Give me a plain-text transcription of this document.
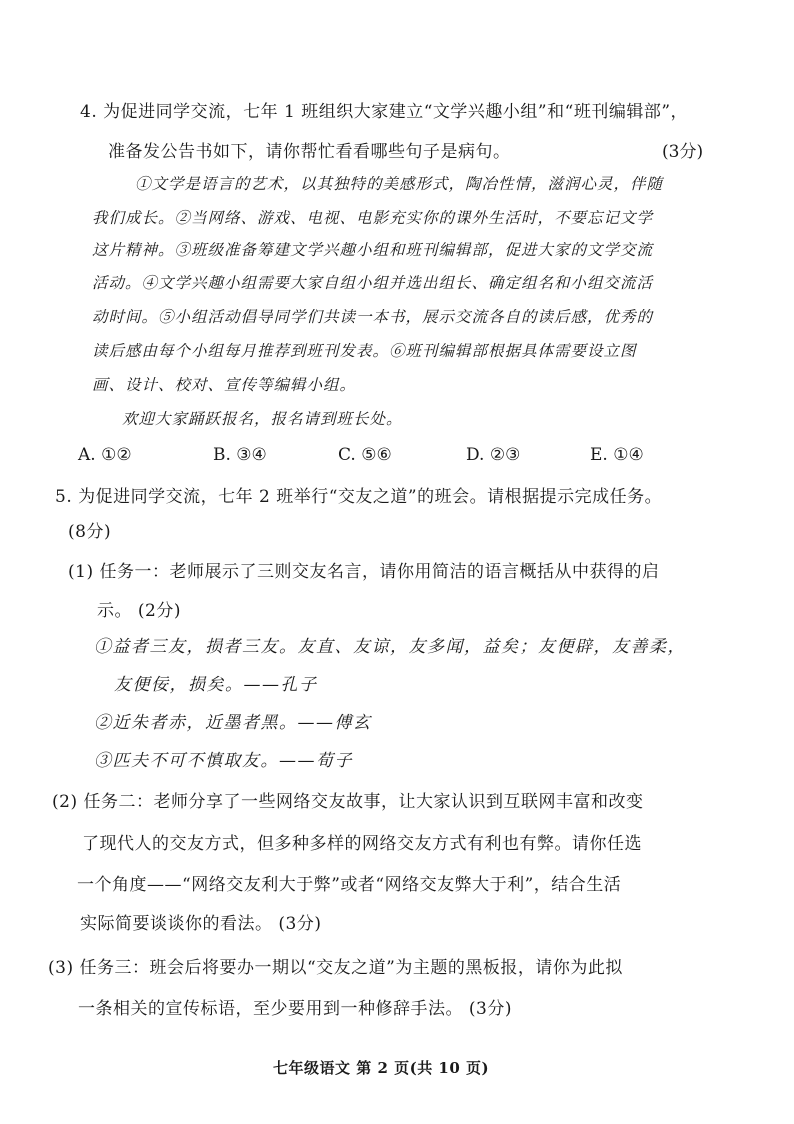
4. 为促进同学交流，七年 1 班组织大家建立“文学兴趣小组”和“班刊编辑部”，
准备发公告书如下，请你帮忙看看哪些句子是病句。	(3分)
①文学是语言的艺术，以其独特的美感形式，陶冶性情，滋润心灵，伴随
我们成长。②当网络、游戏、电视、电影充实你的课外生活时，不要忘记文学
这片精神。③班级准备筹建文学兴趣小组和班刊编辑部，促进大家的文学交流
活动。④文学兴趣小组需要大家自组小组并选出组长、确定组名和小组交流活
动时间。⑤小组活动倡导同学们共读一本书，展示交流各自的读后感，优秀的
读后感由每个小组每月推荐到班刊发表。⑥班刊编辑部根据具体需要设立图
画、设计、校对、宣传等编辑小组。
欢迎大家踊跃报名，报名请到班长处。
A. ①②	B. ③④	C. ⑤⑥	D. ②③	E. ①④
5. 为促进同学交流，七年 2 班举行“交友之道”的班会。请根据提示完成任务。
(8分)
(1) 任务一：老师展示了三则交友名言，请你用简洁的语言概括从中获得的启
示。 (2分)
①益者三友，损者三友。友直、友谅，友多闻，益矣；友便辟，友善柔，
友便佞，损矣。——孔子
②近朱者赤，近墨者黑。——傅玄
③匹夫不可不慎取友。——荀子
(2) 任务二：老师分享了一些网络交友故事，让大家认识到互联网丰富和改变
了现代人的交友方式，但多种多样的网络交友方式有利也有弊。请你任选
一个角度——“网络交友利大于弊”或者“网络交友弊大于利”，结合生活
实际简要谈谈你的看法。 (3分)
(3) 任务三：班会后将要办一期以“交友之道”为主题的黑板报，请你为此拟
一条相关的宣传标语，至少要用到一种修辞手法。 (3分)
七年级语文 第 2 页(共 10 页)
